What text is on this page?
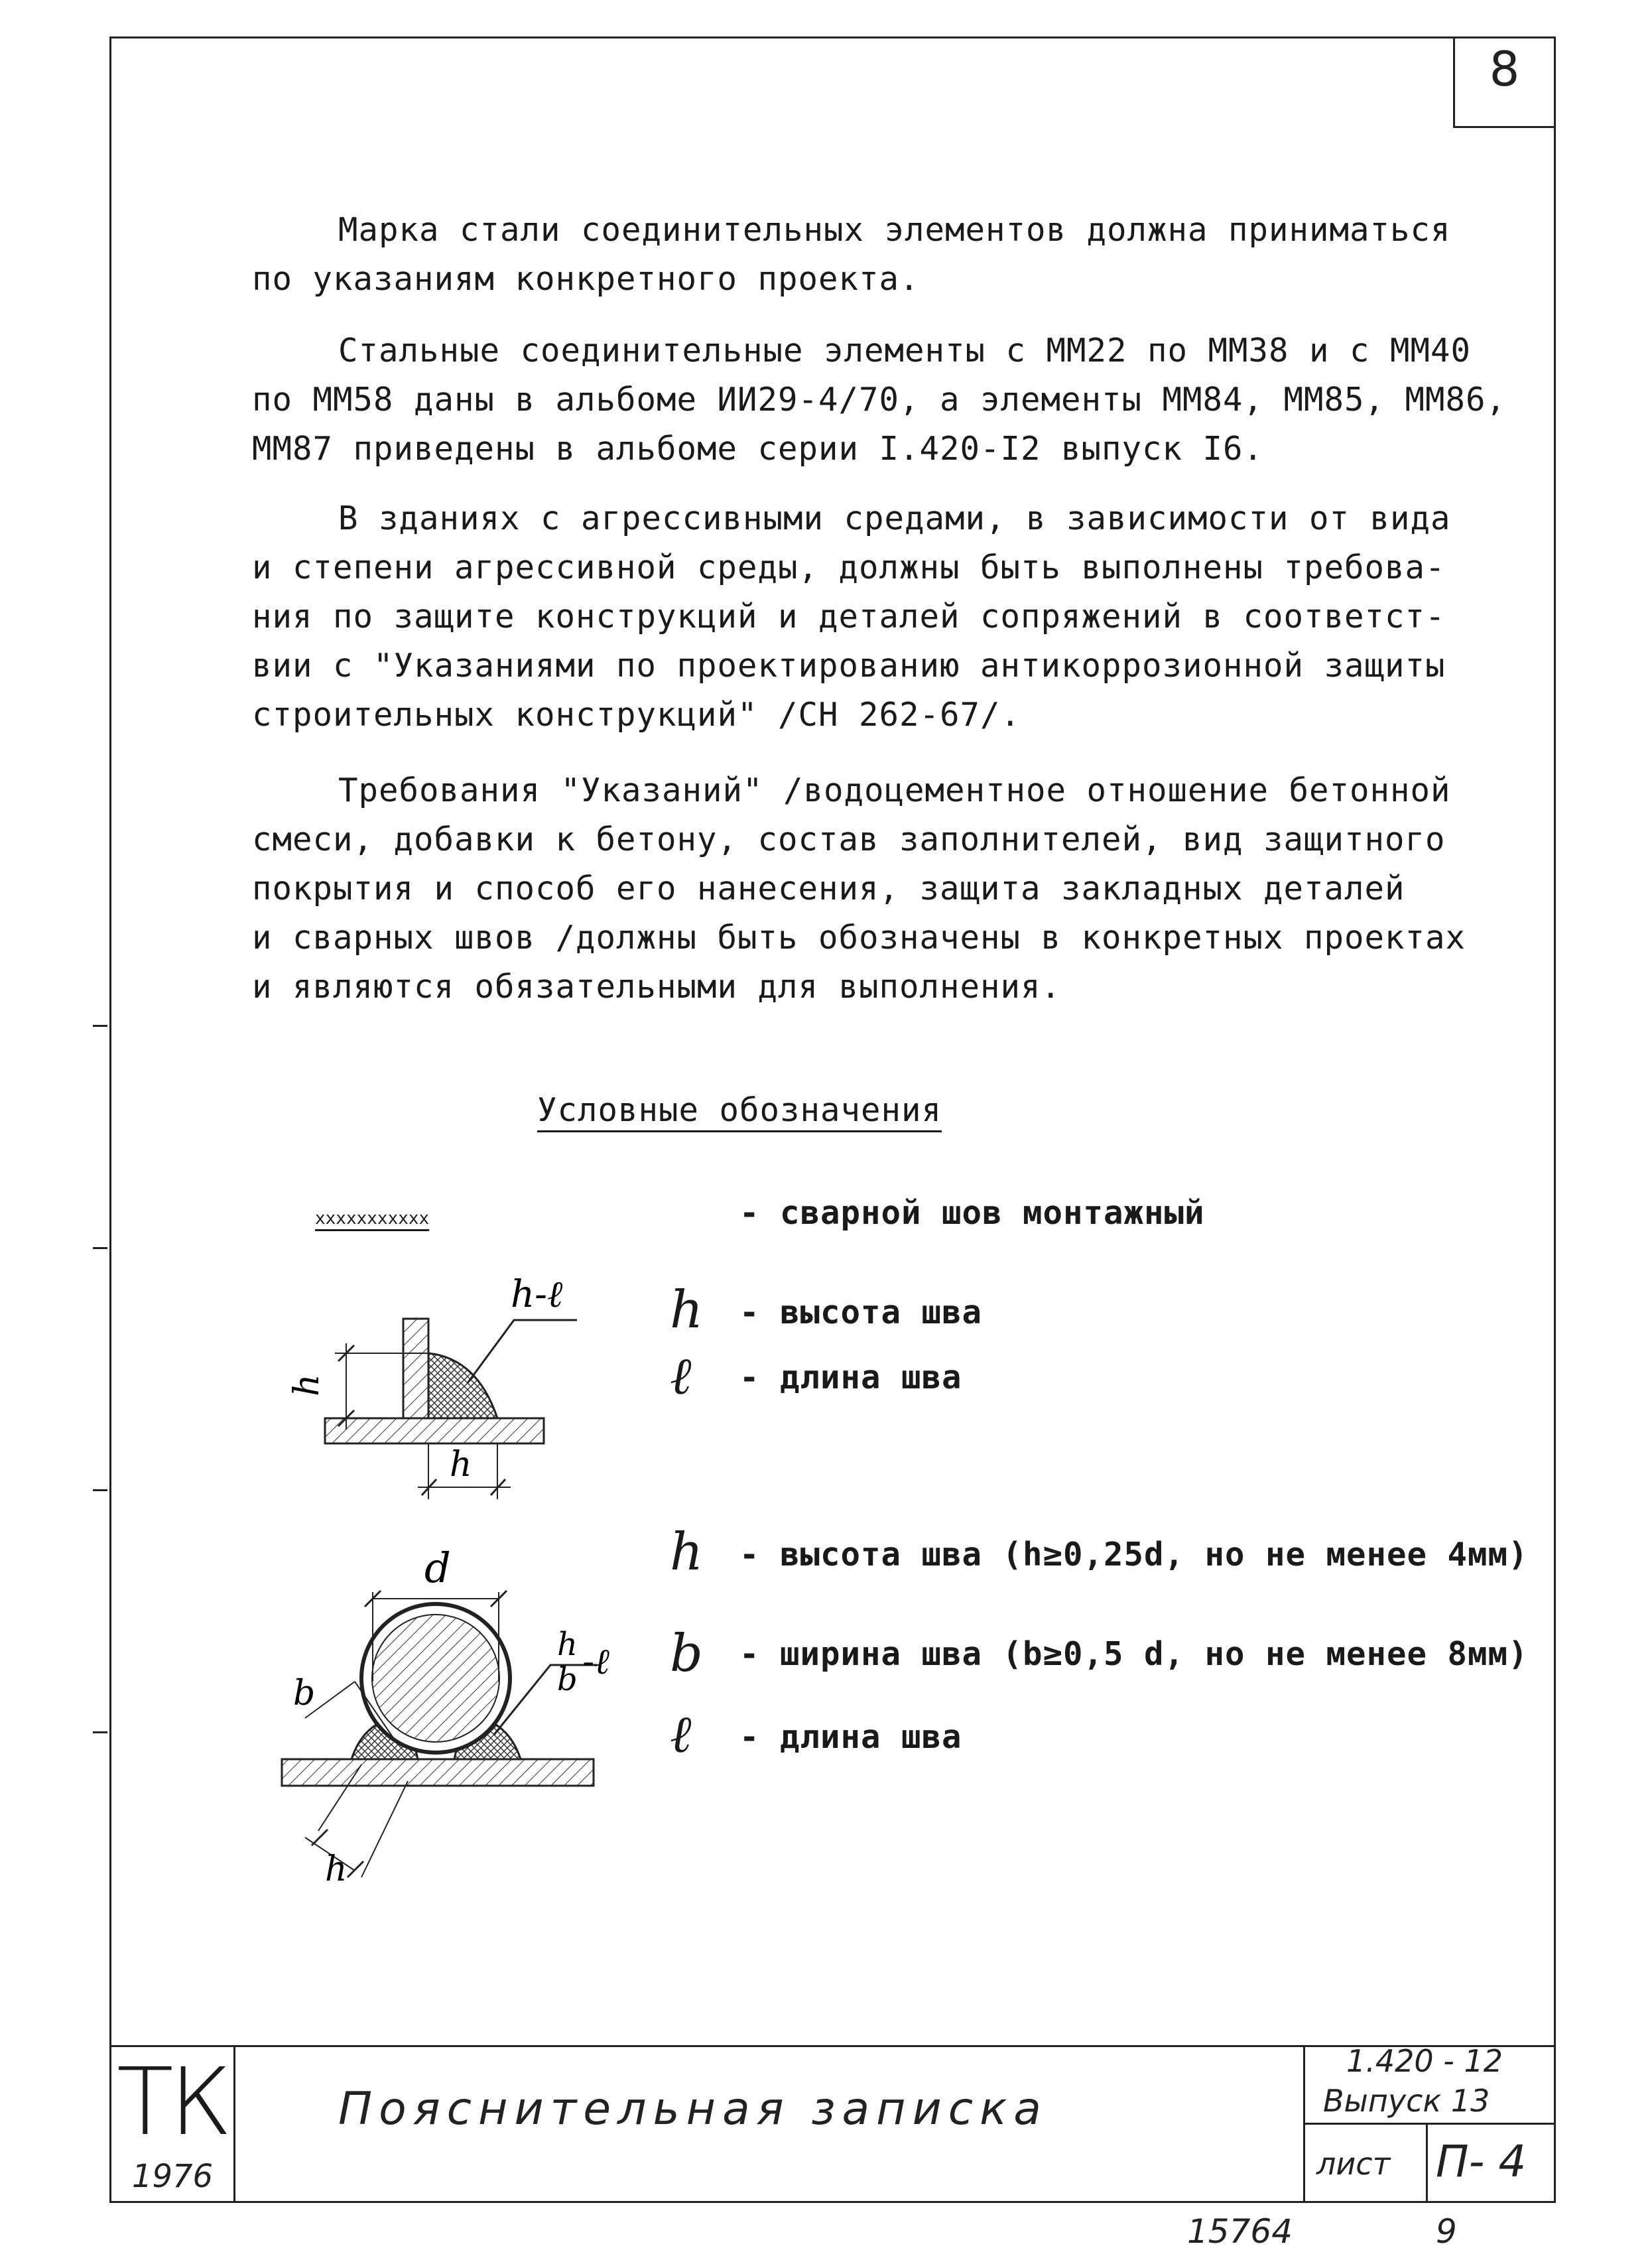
8
Марка стали соединительных элементов должна приниматься
по указаниям конкретного проекта.
Стальные соединительные элементы с ММ22 по ММ38 и с ММ40
по ММ58 даны в альбоме ИИ29-4/70, а элементы ММ84, ММ85, ММ86,
ММ87 приведены в альбоме серии I.420-I2 выпуск I6.
В зданиях с агрессивными средами, в зависимости от вида
и степени агрессивной среды, должны быть выполнены требова-
ния по защите конструкций и деталей сопряжений в соответст-
вии с "Указаниями по проектированию антикоррозионной защиты
строительных конструкций" /СН 262-67/.
Требования "Указаний" /водоцементное отношение бетонной
смеси, добавки к бетону, состав заполнителей, вид защитного
покрытия и способ его нанесения, защита закладных деталей
и сварных швов /должны быть обозначены в конкретных проектах
и являются обязательными для выполнения.
Условные обозначения
xxxxxxxxxxx	- сварной шов монтажный
h-ℓ
h
h
h - высота шва
ℓ - длина шва
d
b
h
h
b -ℓ
h - высота шва (h≥0,25d, но не менее 4мм)
b - ширина шва (b≥0,5 d, но не менее 8мм)
ℓ - длина шва
ТК
1976
Пояснительная записка
1.420 - 12
Выпуск 13
лист П- 4
15764	9
